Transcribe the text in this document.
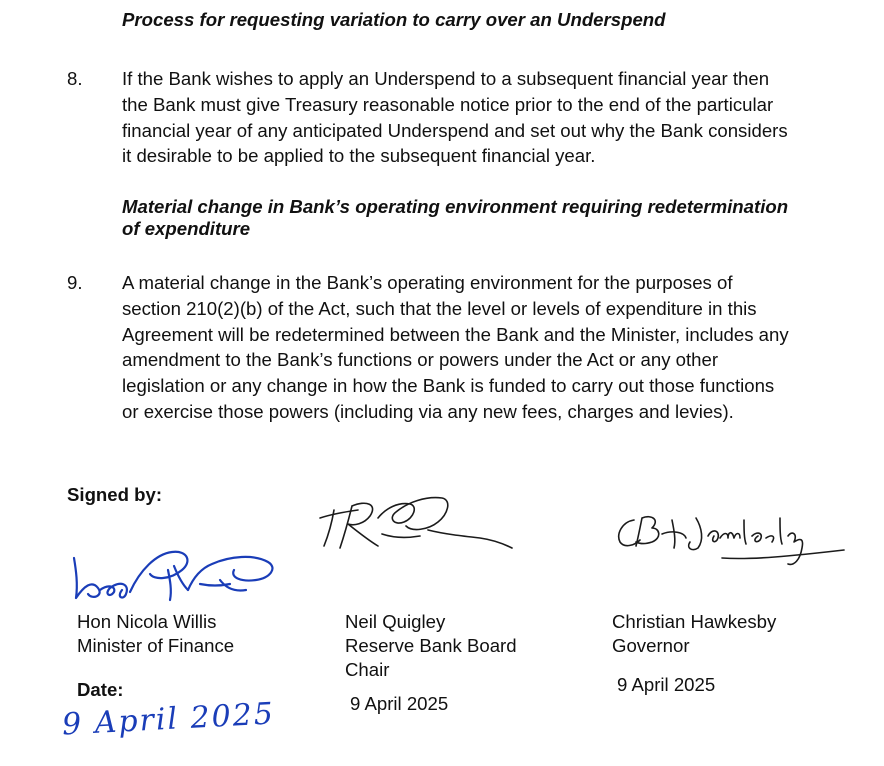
Process for requesting variation to carry over an Underspend
8. If the Bank wishes to apply an Underspend to a subsequent financial year then
the Bank must give Treasury reasonable notice prior to the end of the particular
financial year of any anticipated Underspend and set out why the Bank considers
it desirable to be applied to the subsequent financial year.
Material change in Bank’s operating environment requiring redetermination
of expenditure
9. A material change in the Bank’s operating environment for the purposes of
section 210(2)(b) of the Act, such that the level or levels of expenditure in this
Agreement will be redetermined between the Bank and the Minister, includes any
amendment to the Bank’s functions or powers under the Act or any other
legislation or any change in how the Bank is funded to carry out those functions
or exercise those powers (including via any new fees, charges and levies).
Signed by:
Hon Nicola Willis
Minister of Finance
Date:
9 April 2025
Neil Quigley
Reserve Bank Board
Chair
9 April 2025
Christian Hawkesby
Governor
9 April 2025
